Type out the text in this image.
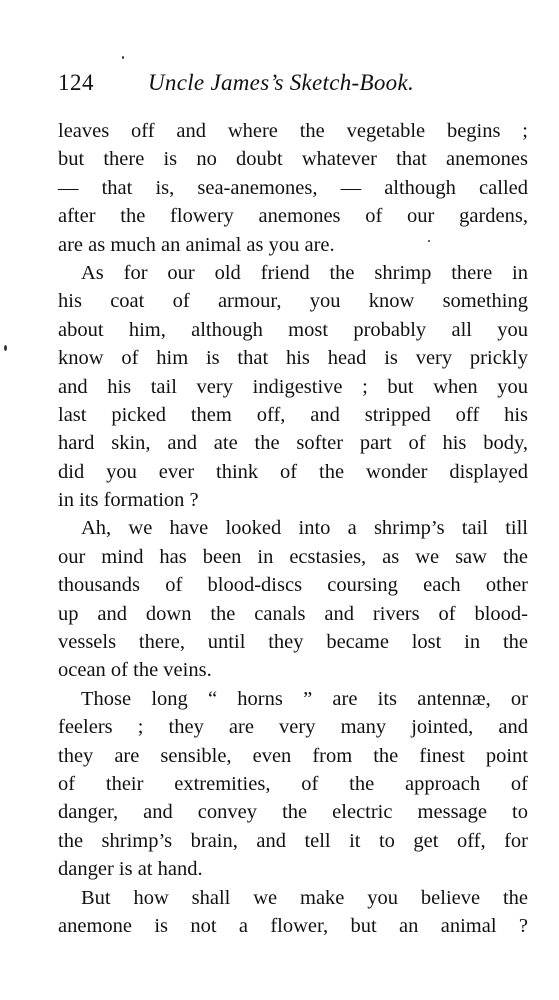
124 Uncle James’s Sketch-Book.
leaves off and where the vegetable begins ;
but there is no doubt whatever that anemones
— that is, sea-anemones, — although called
after the flowery anemones of our gardens,
are as much an animal as you are.
As for our old friend the shrimp there in
his coat of armour, you know something
about him, although most probably all you
know of him is that his head is very prickly
and his tail very indigestive ; but when you
last picked them off, and stripped off his
hard skin, and ate the softer part of his body,
did you ever think of the wonder displayed
in its formation ?
Ah, we have looked into a shrimp’s tail till
our mind has been in ecstasies, as we saw the
thousands of blood-discs coursing each other
up and down the canals and rivers of blood-
vessels there, until they became lost in the
ocean of the veins.
Those long “ horns ” are its antennæ, or
feelers ; they are very many jointed, and
they are sensible, even from the finest point
of their extremities, of the approach of
danger, and convey the electric message to
the shrimp’s brain, and tell it to get off, for
danger is at hand.
But how shall we make you believe the
anemone is not a flower, but an animal ?
